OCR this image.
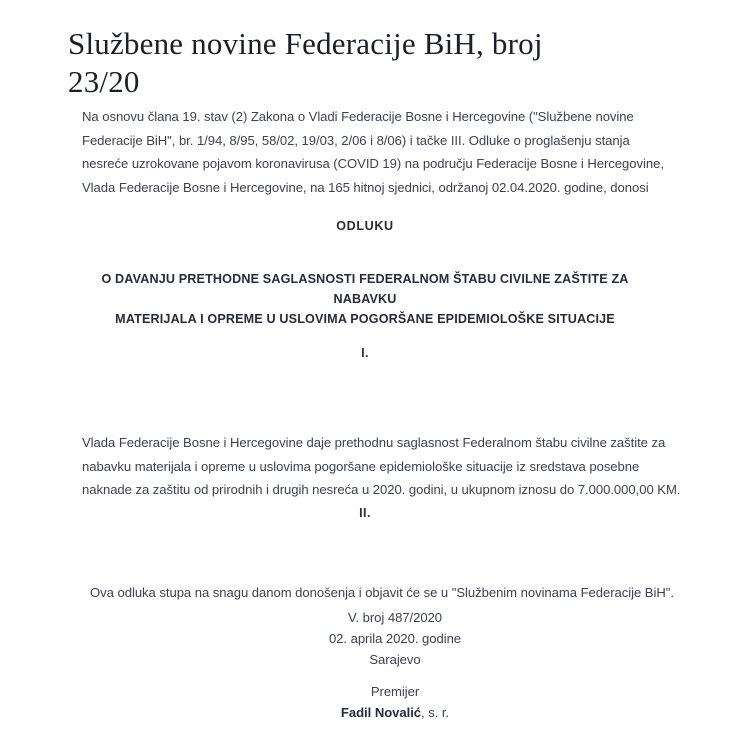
Službene novine Federacije BiH, broj
23/20

Na osnovu člana 19. stav (2) Zakona o Vladi Federacije Bosne i Hercegovine ("Službene novine Federacije BiH", br. 1/94, 8/95, 58/02, 19/03, 2/06 i 8/06) i tačke III. Odluke o proglašenju stanja nesreće uzrokovane pojavom koronavirusa (COVID 19) na području Federacije Bosne i Hercegovine, Vlada Federacije Bosne i Hercegovine, na 165 hitnoj sjednici, održanoj 02.04.2020. godine, donosi

ODLUKU
O DAVANJU PRETHODNE SAGLASNOSTI FEDERALNOM ŠTABU CIVILNE ZAŠTITE ZA NABAVKU
MATERIJALA I OPREME U USLOVIMA POGORŠANE EPIDEMIOLOŠKE SITUACIJE
I.

Vlada Federacije Bosne i Hercegovine daje prethodnu saglasnost Federalnom štabu civilne zaštite za nabavku materijala i opreme u uslovima pogoršane epidemiološke situacije iz sredstava posebne naknade za zaštitu od prirodnih i drugih nesreća u 2020. godini, u ukupnom iznosu do 7.000.000,00 KM.

II.

Ova odluka stupa na snagu danom donošenja i objavit će se u "Službenim novinama Federacije BiH".

V. broj 487/2020
02. aprila 2020. godine
Sarajevo
Premijer
Fadil Novalić, s. r.
